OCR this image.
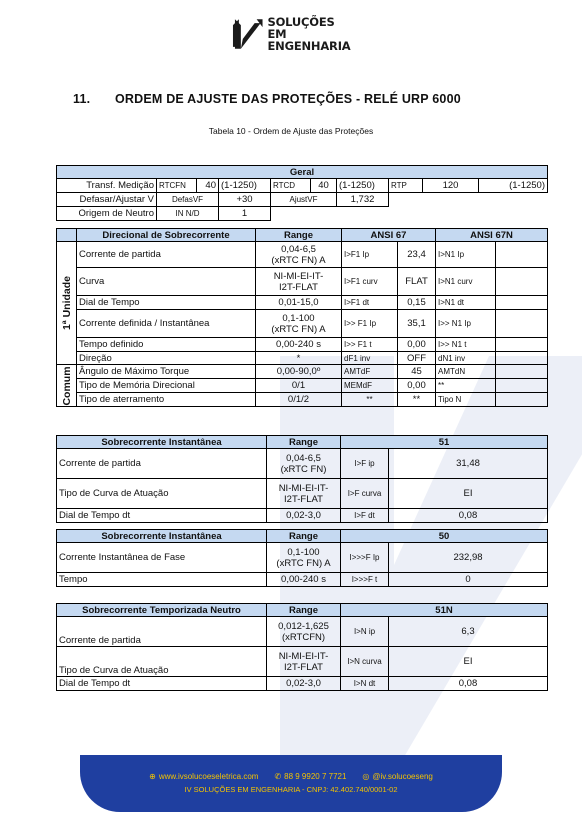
SOLUÇÕES EM
ENGENHARIA
11. ORDEM DE AJUSTE DAS PROTEÇÕES - RELÉ URP 6000
Tabela 10 - Ordem de Ajuste das Proteções
Geral									
Transf. Medição	RTCFN	40	(1-1250)	RTCD	40	(1-1250)	RTP	120	(1-1250)
Defasar/Ajustar V	DefasVF		+30	AjustVF		1,732			
Origem de Neutro	IN N/D		1						
	Direcional de Sobrecorrente	Range	ANSI 67		ANSI 67N	

1ª Unidade	Corrente de partida	0,04-6,5
(xRTC FN) A	I>F1 Ip	23,4	I>N1 Ip	
	Curva	NI-MI-EI-IT-
I2T-FLAT	I>F1 curv	FLAT	I>N1 curv	
	Dial de Tempo	0,01-15,0	I>F1 dt	0,15	I>N1 dt	
	Corrente definida / Instantânea	0,1-100
(xRTC FN) A	I>> F1 Ip	35,1	I>> N1 Ip	
	Tempo definido	0,00-240 s	I>> F1 t	0,00	I>> N1 t	
	Direção	*	dF1 inv	OFF	dN1 inv	

Comum	Ângulo de Máximo Torque	0,00-90,0º	AMTdF	45	AMTdN	
	Tipo de Memória Direcional	0/1	MEMdF	0,00	**	
	Tipo de aterramento	0/1/2	**	**	Tipo N	
Sobrecorrente Instantânea	Range	51	
Corrente de partida	0,04-6,5
(xRTC FN)	I>F ip	31,48
Tipo de Curva de Atuação	NI-MI-EI-IT-
I2T-FLAT	I>F curva	EI
Dial de Tempo dt	0,02-3,0	I>F dt	0,08
Sobrecorrente Instantânea	Range	50	
Corrente Instantânea de Fase	0,1-100
(xRTC FN) A	I>>>F Ip	232,98
Tempo	0,00-240 s	I>>>F t	0
Sobrecorrente Temporizada Neutro	Range	51N	
Corrente de partida	0,012-1,625
(xRTCFN)	I>N ip	6,3
Tipo de Curva de Atuação	NI-MI-EI-IT-
I2T-FLAT	I>N curva	EI
Dial de Tempo dt	0,02-3,0	I>N dt	0,08
⊕ www.ivsolucoeseletrica.com ✆ 88 9 9920 7 7721 ◎ @iv.solucoeseng
IV SOLUÇÕES EM ENGENHARIA - CNPJ: 42.402.740/0001-02
